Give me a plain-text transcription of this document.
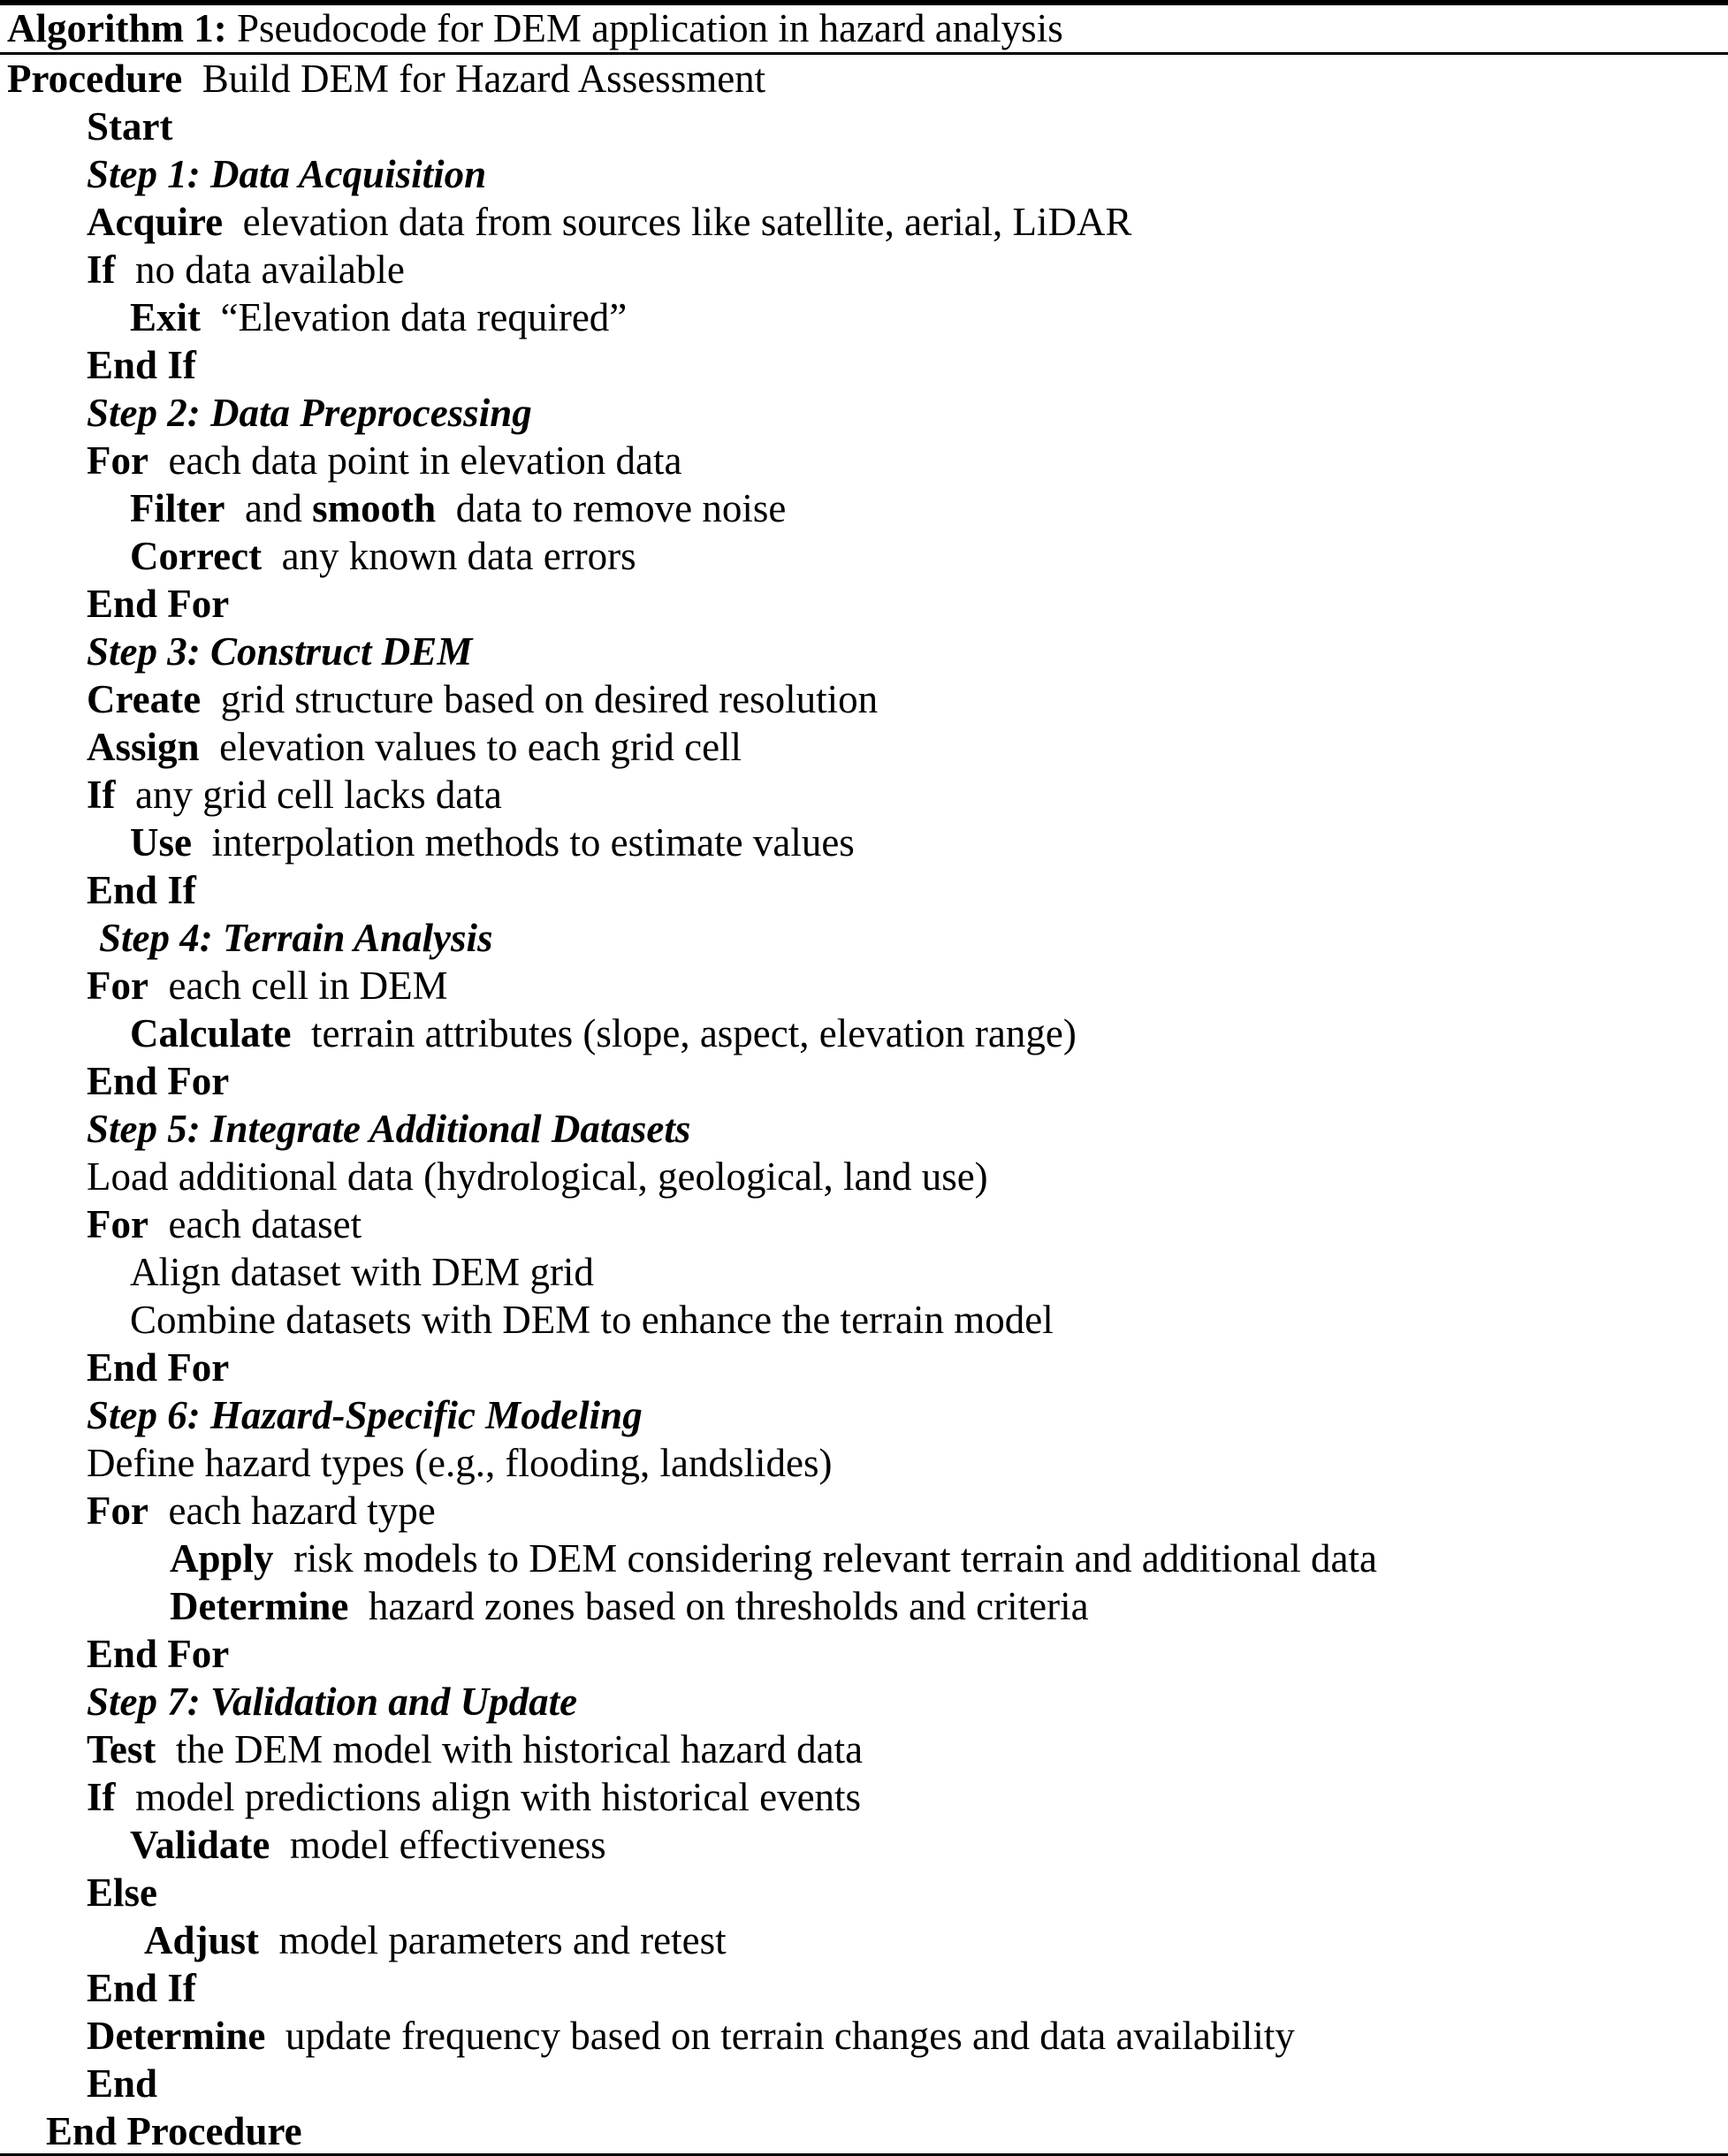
Algorithm 1: Pseudocode for DEM application in hazard analysis
Procedure  Build DEM for Hazard Assessment
Start
Step 1: Data Acquisition
Acquire  elevation data from sources like satellite, aerial, LiDAR
If  no data available
Exit  “Elevation data required”
End If
Step 2: Data Preprocessing
For  each data point in elevation data
Filter  and smooth  data to remove noise
Correct  any known data errors
End For
Step 3: Construct DEM
Create  grid structure based on desired resolution
Assign  elevation values to each grid cell
If  any grid cell lacks data
Use  interpolation methods to estimate values
End If
Step 4: Terrain Analysis
For  each cell in DEM
Calculate  terrain attributes (slope, aspect, elevation range)
End For
Step 5: Integrate Additional Datasets
Load additional data (hydrological, geological, land use)
For  each dataset
Align dataset with DEM grid
Combine datasets with DEM to enhance the terrain model
End For
Step 6: Hazard-Specific Modeling
Define hazard types (e.g., flooding, landslides)
For  each hazard type
Apply  risk models to DEM considering relevant terrain and additional data
Determine  hazard zones based on thresholds and criteria
End For
Step 7: Validation and Update
Test  the DEM model with historical hazard data
If  model predictions align with historical events
Validate  model effectiveness
Else
Adjust  model parameters and retest
End If
Determine  update frequency based on terrain changes and data availability
End
End Procedure
